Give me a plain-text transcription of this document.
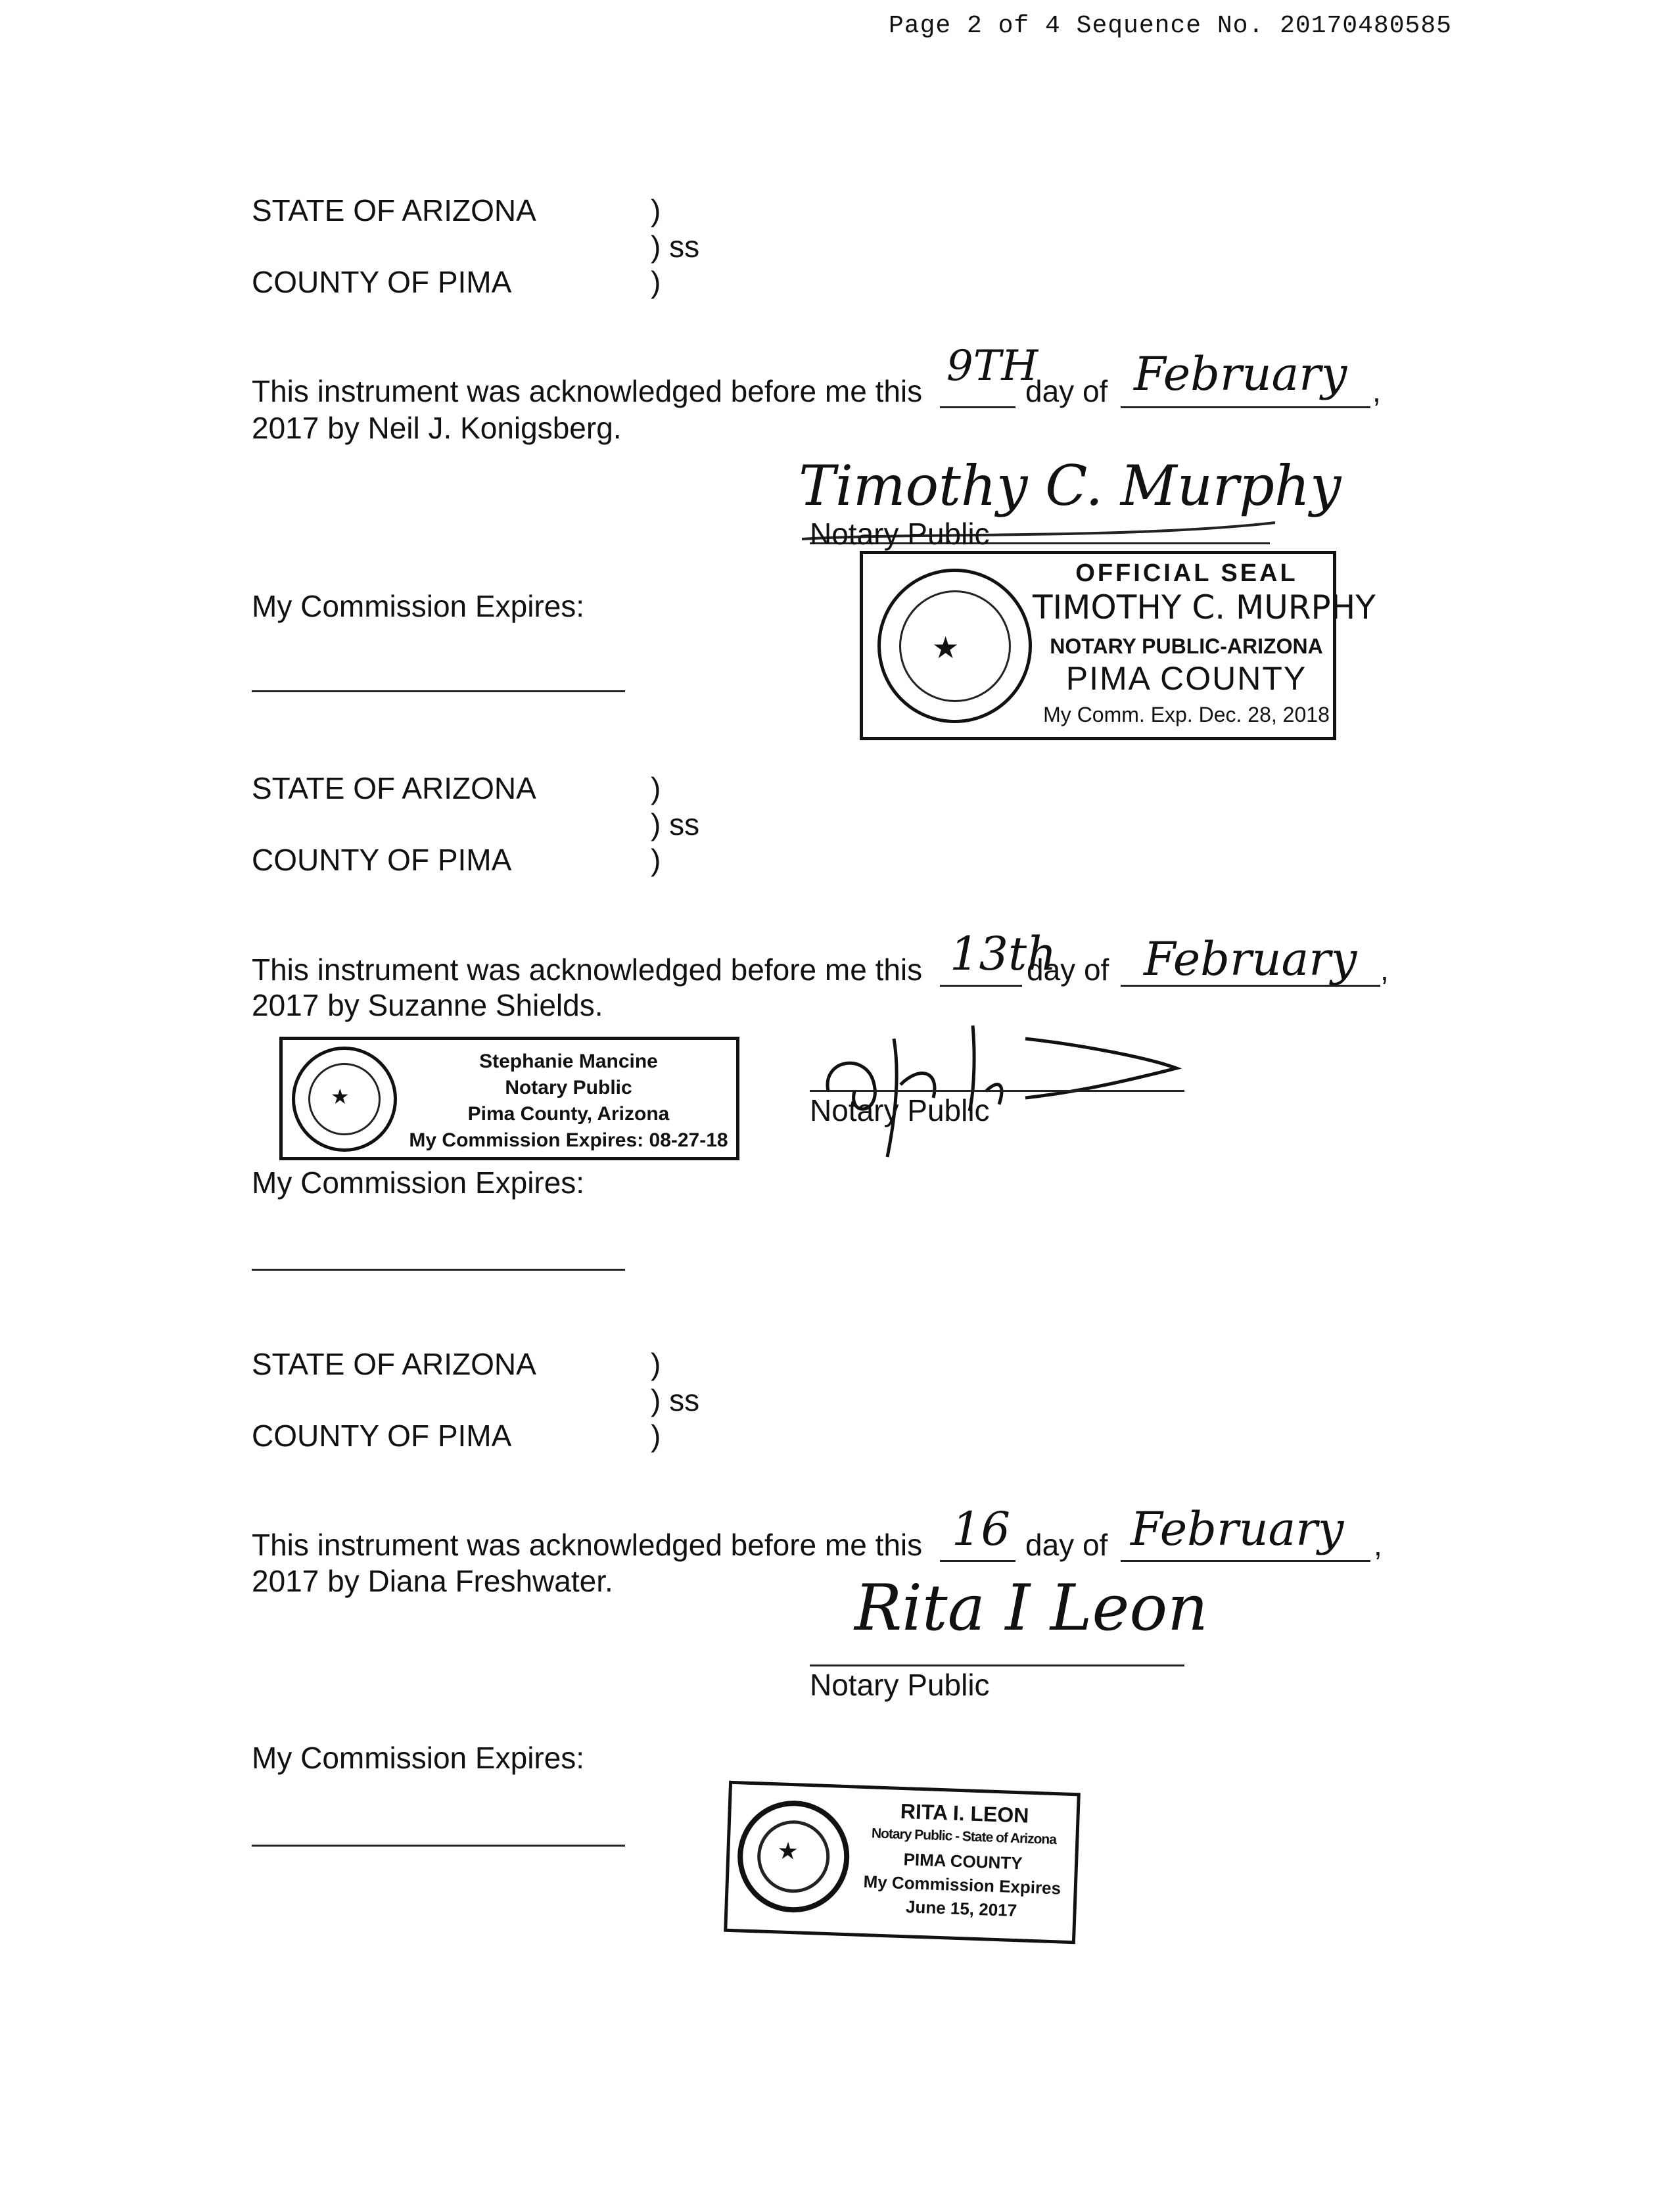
Page 2 of 4 Sequence No. 20170480585
STATE OF ARIZONA
COUNTY OF PIMA
)
) ss
)
This instrument was acknowledged before me this
9TH
day of February ,
2017 by Neil J. Konigsberg.
Timothy C. Murphy
Notary Public
My Commission Expires:
★
OFFICIAL SEAL
TIMOTHY C. MURPHY
NOTARY PUBLIC-ARIZONA
PIMA COUNTY
My Comm. Exp. Dec. 28, 2018
STATE OF ARIZONA
COUNTY OF PIMA
)
) ss
)
This instrument was acknowledged before me this 13th
day of February ,
2017 by Suzanne Shields.
Notary Public
My Commission Expires:
★
Stephanie Mancine
Notary Public
Pima County, Arizona
My Commission Expires: 08-27-18
STATE OF ARIZONA
COUNTY OF PIMA
)
) ss
)
This instrument was acknowledged before me this 16 day of February ,
2017 by Diana Freshwater.	Rita I Leon
Notary Public
My Commission Expires:
★
RITA I. LEON
Notary Public - State of Arizona
PIMA COUNTY
My Commission Expires
June 15, 2017
